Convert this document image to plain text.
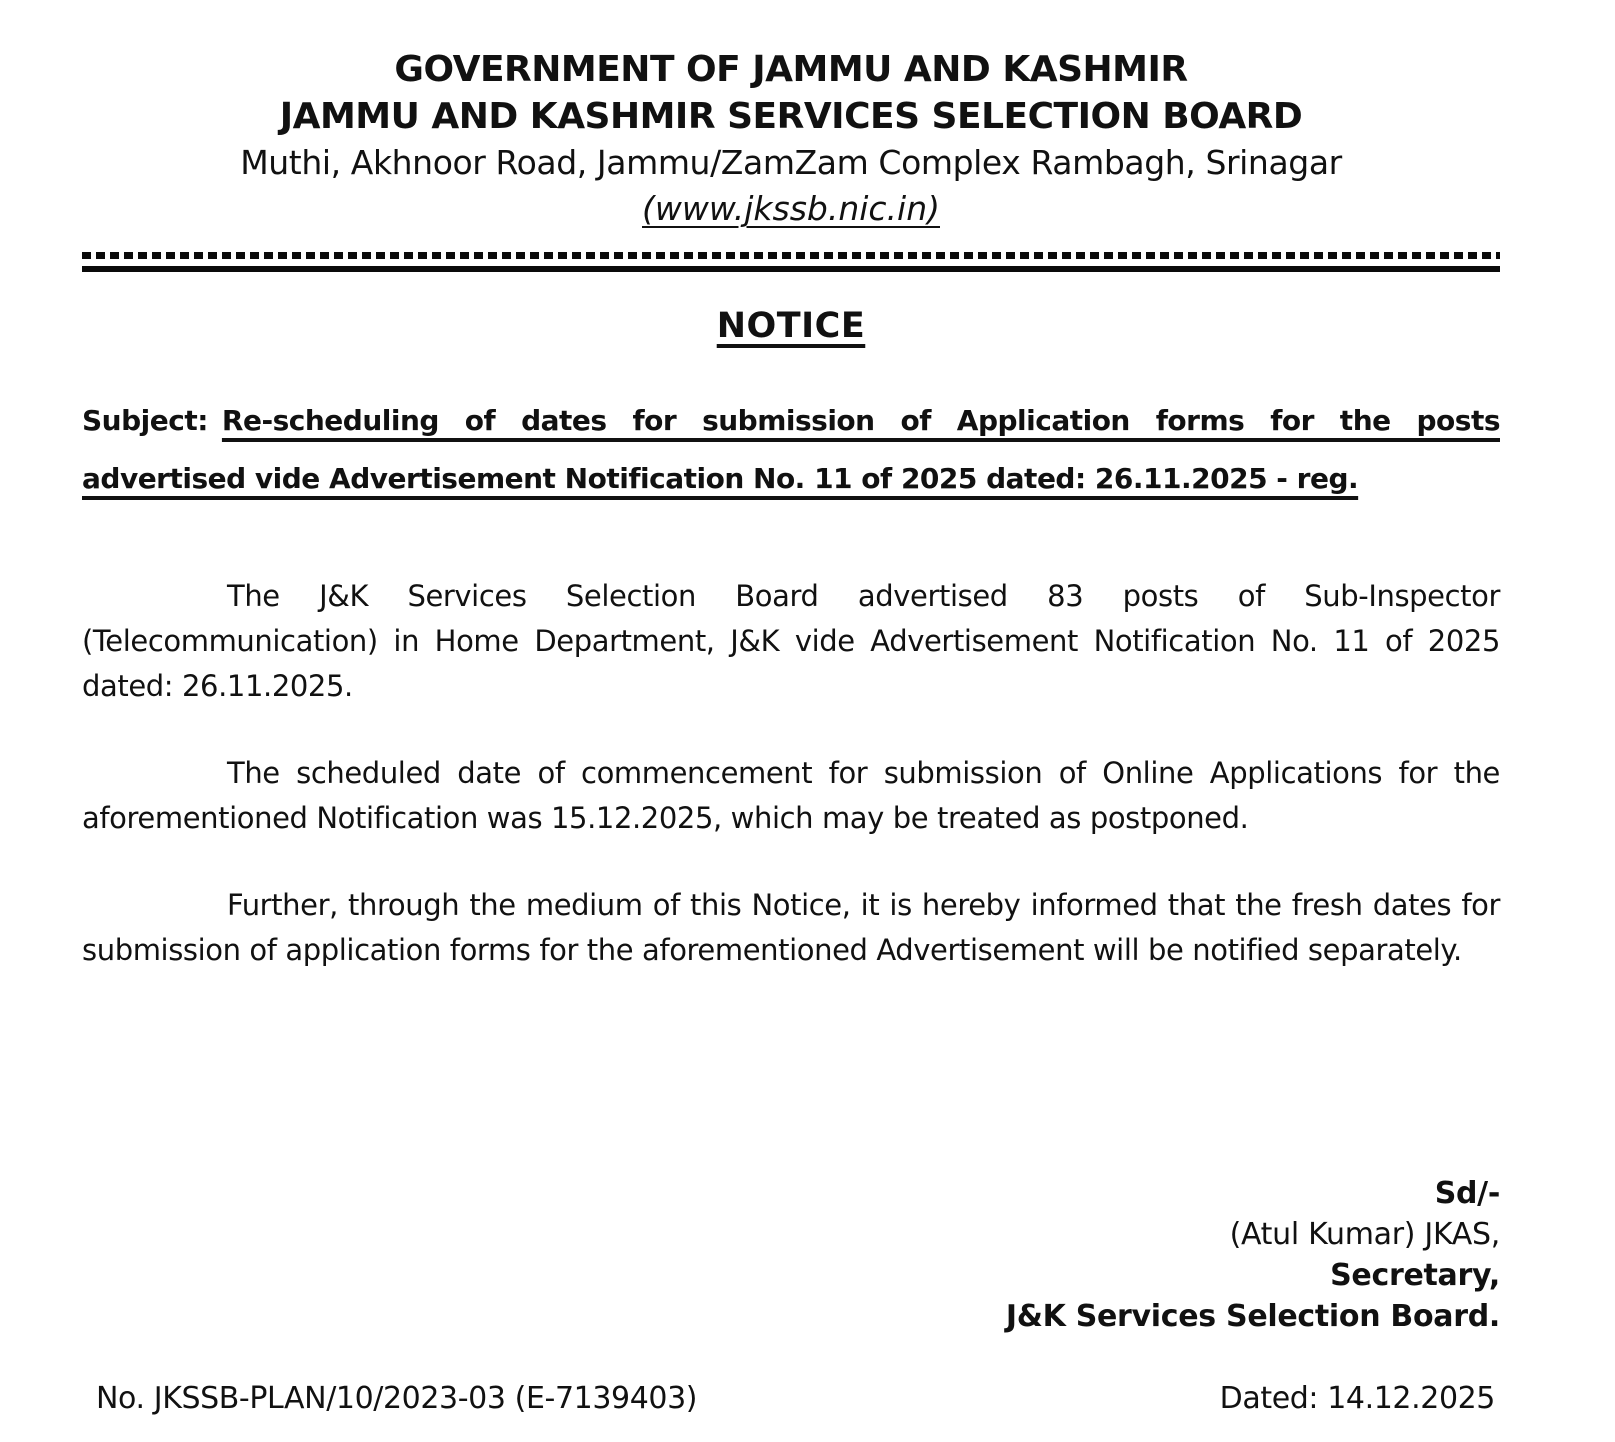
GOVERNMENT OF JAMMU AND KASHMIR
JAMMU AND KASHMIR SERVICES SELECTION BOARD
Muthi, Akhnoor Road, Jammu/ZamZam Complex Rambagh, Srinagar
(www.jkssb.nic.in)
NOTICE

Subject: Re-scheduling of dates for submission of Application forms for the posts advertised vide Advertisement Notification No. 11 of 2025 dated: 26.11.2025 - reg.

The J&K Services Selection Board advertised 83 posts of Sub-Inspector (Telecommunication) in Home Department, J&K vide Advertisement Notification No. 11 of 2025 dated: 26.11.2025.

The scheduled date of commencement for submission of Online Applications for the aforementioned Notification was 15.12.2025, which may be treated as postponed.

Further, through the medium of this Notice, it is hereby informed that the fresh dates for submission of application forms for the aforementioned Advertisement will be notified separately.

Sd/-
(Atul Kumar) JKAS,
Secretary,
J&K Services Selection Board.
No. JKSSB-PLAN/10/2023-03 (E-7139403)	Dated: 14.12.2025
